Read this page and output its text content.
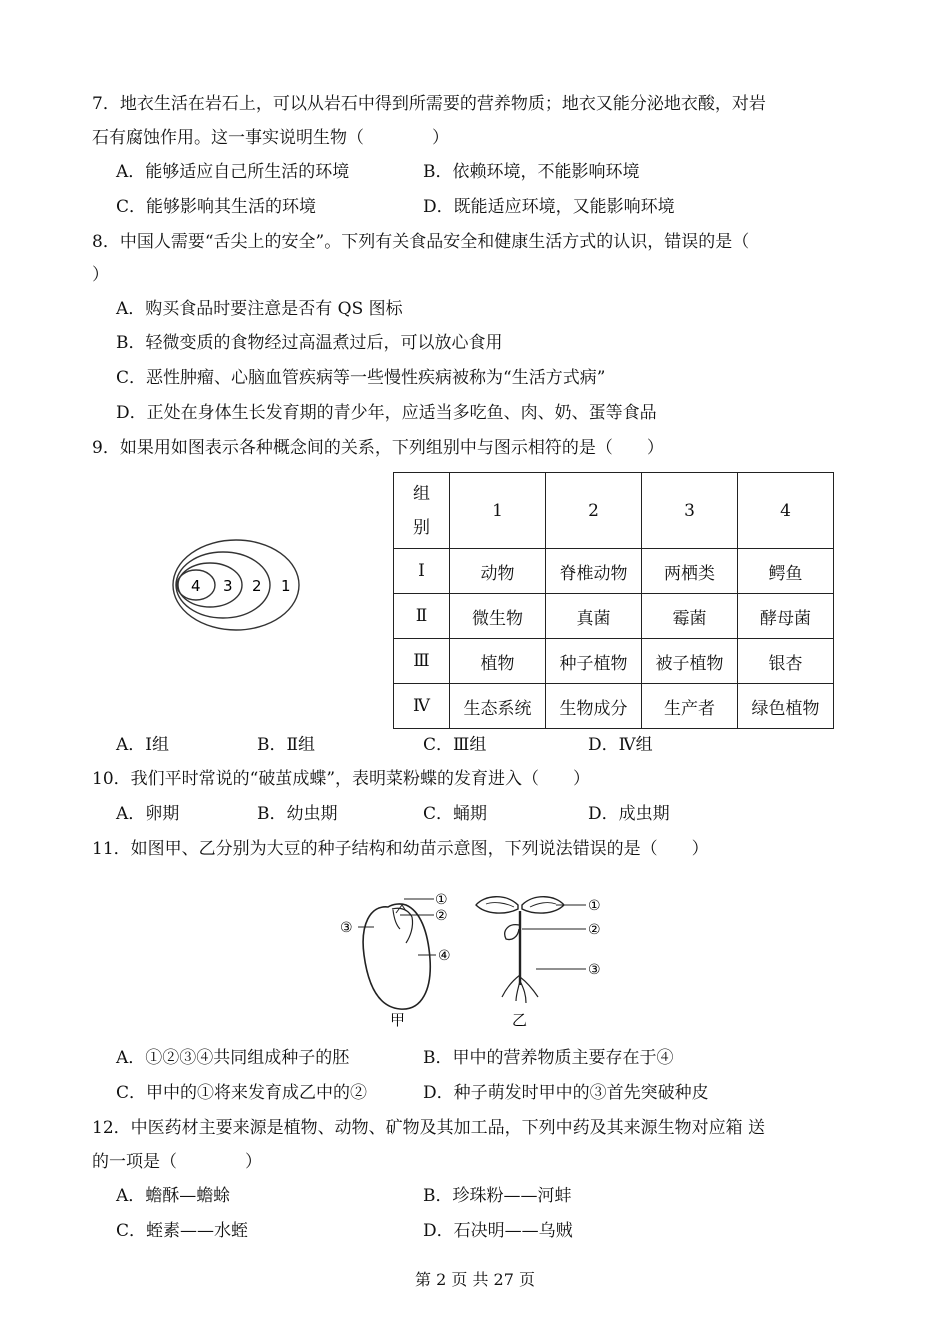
7．地衣生活在岩石上，可以从岩石中得到所需要的营养物质；地衣又能分泌地衣酸，对岩
石有腐蚀作用。这一事实说明生物（　　　　）
A．能够适应自己所生活的环境	B．依赖环境，不能影响环境
C．能够影响其生活的环境	D．既能适应环境，又能影响环境
8．中国人需要“舌尖上的安全”。下列有关食品安全和健康生活方式的认识，错误的是（
）
A．购买食品时要注意是否有 QS 图标
B．轻微变质的食物经过高温煮过后，可以放心食用
C．恶性肿瘤、心脑血管疾病等一些慢性疾病被称为“生活方式病”
D．正处在身体生长发育期的青少年，应适当多吃鱼、肉、奶、蛋等食品
9．如果用如图表示各种概念间的关系，下列组别中与图示相符的是（　　）
4 3 2 1
组
别	1	2	3	4
Ⅰ	动物	脊椎动物	两栖类	鳄鱼
Ⅱ	微生物	真菌	霉菌	酵母菌
Ⅲ	植物	种子植物	被子植物	银杏
Ⅳ	生态系统	生物成分	生产者	绿色植物
A．Ⅰ组	B．Ⅱ组	C．Ⅲ组	D．Ⅳ组
10．我们平时常说的“破茧成蝶”，表明菜粉蝶的发育进入（　　）
A．卵期	B．幼虫期	C．蛹期	D．成虫期
11．如图甲、乙分别为大豆的种子结构和幼苗示意图，下列说法错误的是（　　）
①
②
③
④
甲
①
②
③
乙
A．①②③④共同组成种子的胚	B．甲中的营养物质主要存在于④
C．甲中的①将来发育成乙中的②	D．种子萌发时甲中的③首先突破种皮
12．中医药材主要来源是植物、动物、矿物及其加工品，下列中药及其来源生物对应箱 送
的一项是（　　　　）
A．蟾酥—蟾蜍	B．珍珠粉——河蚌
C．蛭素——水蛭	D．石决明——乌贼
第 2 页 共 27 页
